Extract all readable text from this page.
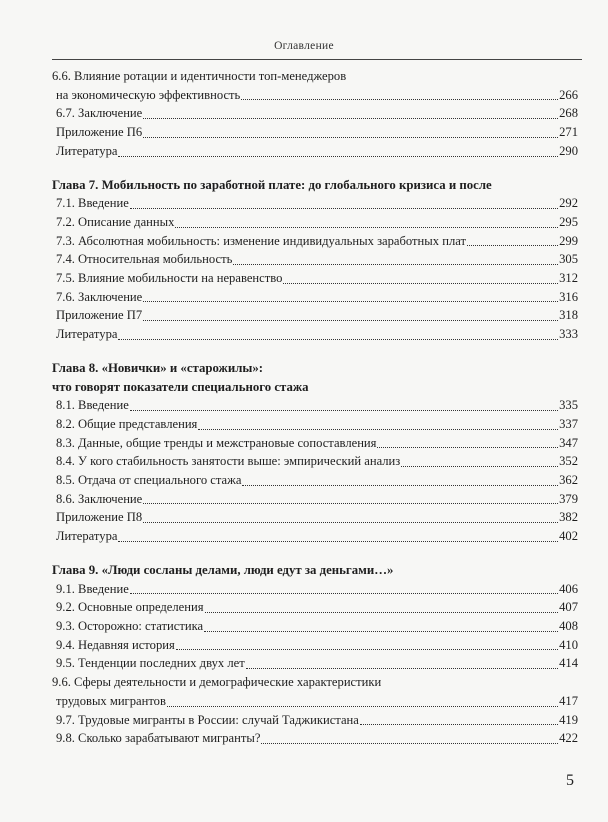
Оглавление
6.6. Влияние ротации и идентичности топ-менеджеров
на экономическую эффективность	266
6.7. Заключение	268
Приложение П6	271
Литература	290
Глава 7. Мобильность по заработной плате: до глобального кризиса и после
7.1. Введение	292
7.2. Описание данных	295
7.3. Абсолютная мобильность: изменение индивидуальных заработных плат	299
7.4. Относительная мобильность	305
7.5. Влияние мобильности на неравенство	312
7.6. Заключение	316
Приложение П7	318
Литература	333
Глава 8. «Новички» и «старожилы»:
что говорят показатели специального стажа
8.1. Введение	335
8.2. Общие представления	337
8.3. Данные, общие тренды и межстрановые сопоставления	347
8.4. У кого стабильность занятости выше: эмпирический анализ	352
8.5. Отдача от специального стажа	362
8.6. Заключение	379
Приложение П8	382
Литература	402
Глава 9. «Люди сосланы делами, люди едут за деньгами…»
9.1. Введение	406
9.2. Основные определения	407
9.3. Осторожно: статистика	408
9.4. Недавняя история	410
9.5. Тенденции последних двух лет	414
9.6. Сферы деятельности и демографические характеристики
трудовых мигрантов	417
9.7. Трудовые мигранты в России: случай Таджикистана	419
9.8. Сколько зарабатывают мигранты?	422
5
